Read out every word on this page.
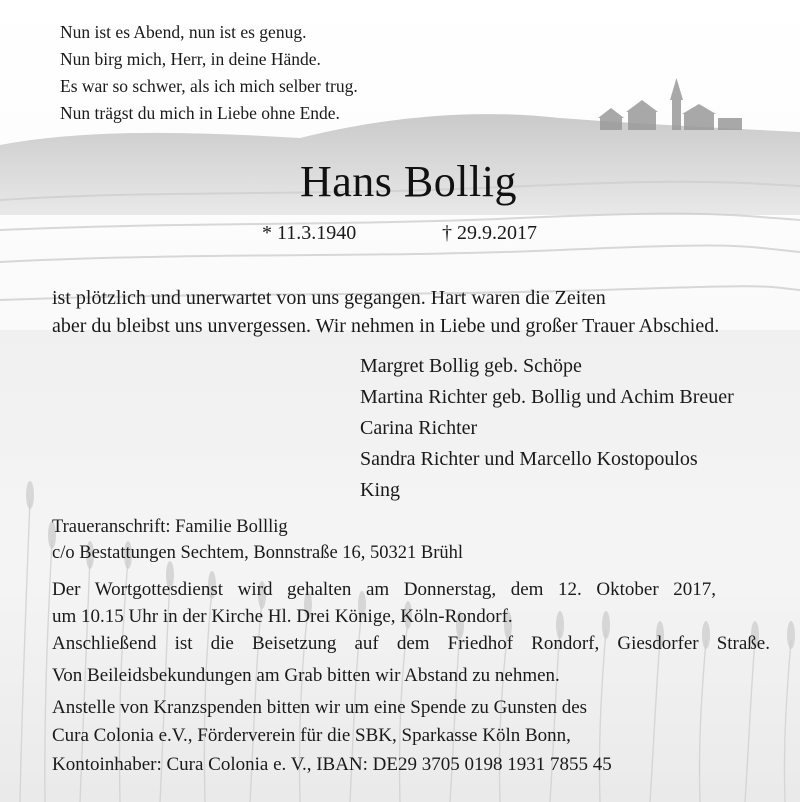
Nun ist es Abend, nun ist es genug.
Nun birg mich, Herr, in deine Hände.
Es war so schwer, als ich mich selber trug.
Nun trägst du mich in Liebe ohne Ende.
Hans Bollig
* 11.3.1940	† 29.9.2017
ist plötzlich und unerwartet von uns gegangen. Hart waren die Zeiten
aber du bleibst uns unvergessen. Wir nehmen in Liebe und großer Trauer Abschied.
Margret Bollig geb. Schöpe
Martina Richter geb. Bollig und Achim Breuer
Carina Richter
Sandra Richter und Marcello Kostopoulos
King
Traueranschrift: Familie Bolllig
c/o Bestattungen Sechtem, Bonnstraße 16, 50321 Brühl
Der Wortgottesdienst wird gehalten am Donnerstag, dem 12. Oktober 2017,
um 10.15 Uhr in der Kirche Hl. Drei Könige, Köln-Rondorf.
Anschließend ist die Beisetzung auf dem Friedhof Rondorf, Giesdorfer Straße.
Von Beileidsbekundungen am Grab bitten wir Abstand zu nehmen.
Anstelle von Kranzspenden bitten wir um eine Spende zu Gunsten des
Cura Colonia e.V., Förderverein für die SBK, Sparkasse Köln Bonn,
Kontoinhaber: Cura Colonia e. V., IBAN: DE29 3705 0198 1931 7855 45
